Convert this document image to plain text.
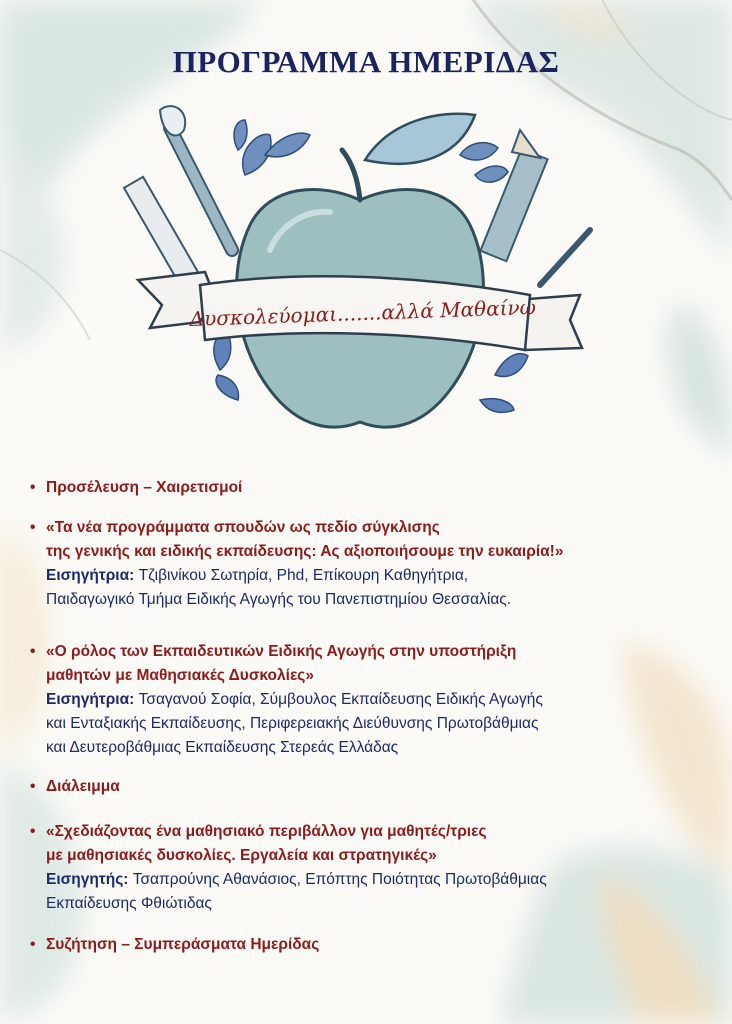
ΠΡΟΓΡΑΜΜΑ ΗΜΕΡΙΔΑΣ
Δυσκολεύομαι.......αλλά Μαθαίνω
• Προσέλευση – Χαιρετισμοί
• «Τα νέα προγράμματα σπουδών ως πεδίο σύγκλισης
της γενικής και ειδικής εκπαίδευσης: Ας αξιοποιήσουμε την ευκαιρία!»
Εισηγήτρια: Τζιβινίκου Σωτηρία, Phd, Επίκουρη Καθηγήτρια,
Παιδαγωγικό Τμήμα Ειδικής Αγωγής του Πανεπιστημίου Θεσσαλίας.
• «Ο ρόλος των Εκπαιδευτικών Ειδικής Αγωγής στην υποστήριξη
μαθητών με Μαθησιακές Δυσκολίες»
Εισηγήτρια: Τσαγανού Σοφία, Σύμβουλος Εκπαίδευσης Ειδικής Αγωγής
και Ενταξιακής Εκπαίδευσης, Περιφερειακής Διεύθυνσης Πρωτοβάθμιας
και Δευτεροβάθμιας Εκπαίδευσης Στερεάς Ελλάδας
• Διάλειμμα
• «Σχεδιάζοντας ένα μαθησιακό περιβάλλον για μαθητές/τριες
με μαθησιακές δυσκολίες. Εργαλεία και στρατηγικές»
Εισηγητής: Τσαπρούνης Αθανάσιος, Επόπτης Ποιότητας Πρωτοβάθμιας
Εκπαίδευσης Φθιώτιδας
• Συζήτηση – Συμπεράσματα Ημερίδας
